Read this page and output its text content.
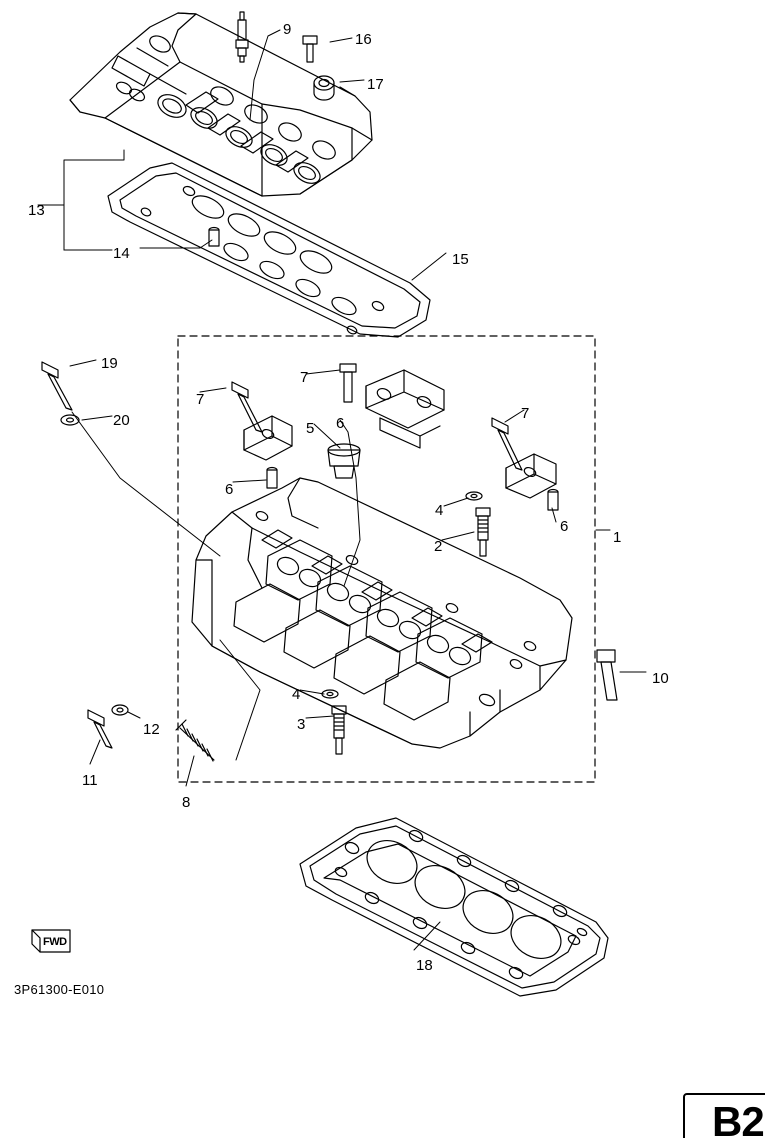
FWD
3P61300-E010
B2
9
16
17
13
14	15
19
7
7
20	7
5 6
6
4
6
1
2
10
4
3
12
11
8
18
